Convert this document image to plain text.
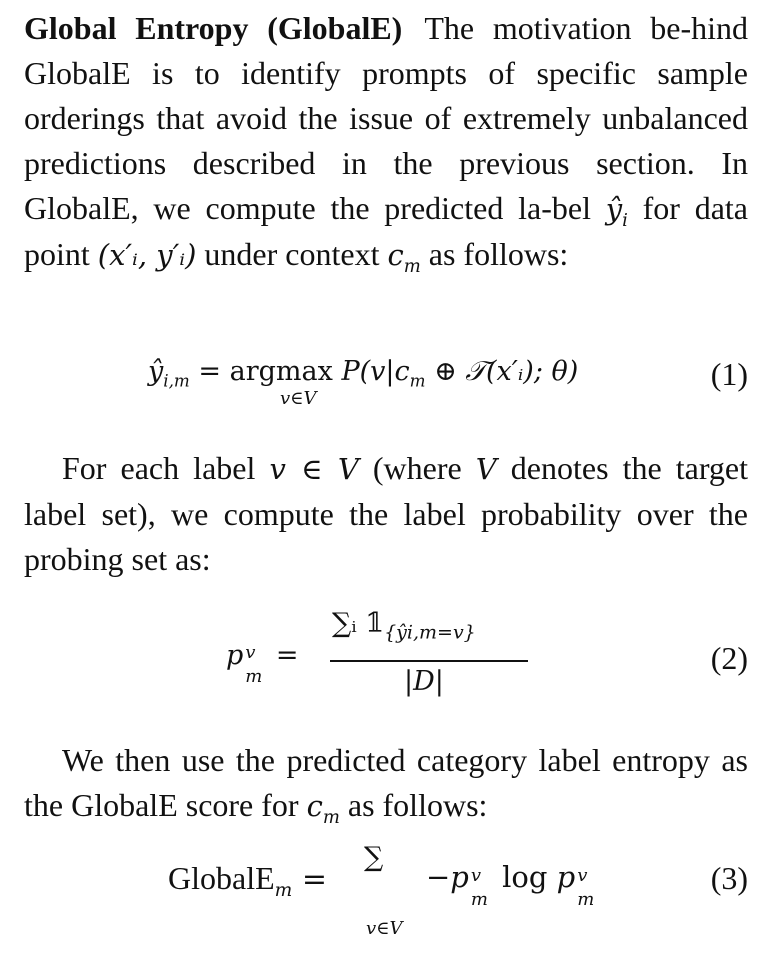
Global Entropy (GlobalE) The motivation be-hind GlobalE is to identify prompts of specific sample orderings that avoid the issue of extremely unbalanced predictions described in the previous section. In GlobalE, we compute the predicted la-bel $ŷ_i$ for data point (x′ᵢ, y′ᵢ) under context $c_m$ as follows:
$ŷ_{i,m} = argmax$ $P(v|c_m$ ⊕ 𝒯(x′ᵢ); θ)
v∈V
(1)
For each label v ∈ V (where V denotes the target label set), we compute the label probability over the probing set as:
p v
m
=
∑ᵢ $𝟙_{\{ŷi,m=v\}}$
|D|
(2)
We then use the predicted category label entropy as the GlobalE score for $c_m$ as follows:
GlobalE$_m$ =
∑
v∈V
−p v
m
log p v
m
(3)
